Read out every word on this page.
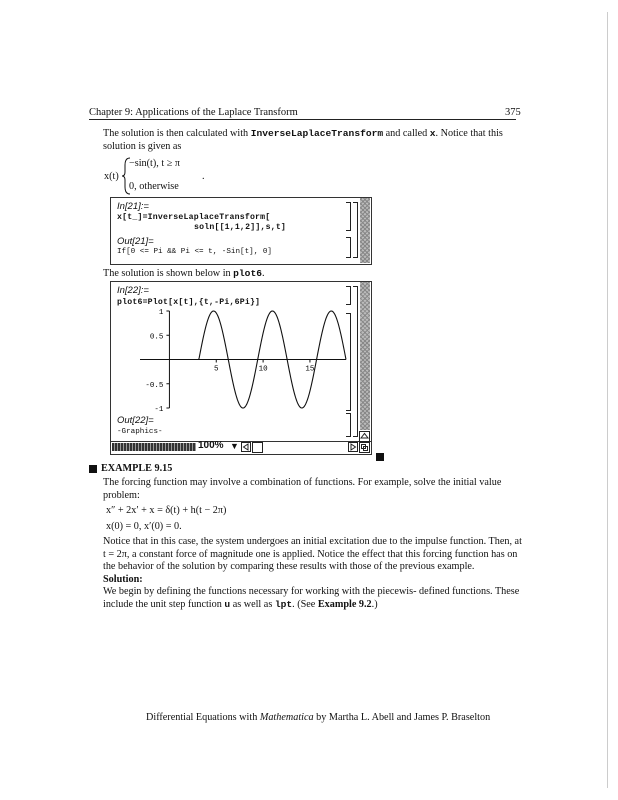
Chapter 9: Applications of the Laplace Transform	375
The solution is then calculated with InverseLaplaceTransform and called x. Notice that this
solution is given as
x(t)
−sin(t), t ≥ π
0, otherwise
.
In[21]:=
x[t_]=InverseLaplaceTransform[
soln[[1,1,2]],s,t]
Out[21]=
If[0 <= Pi && Pi <= t, -Sin[t], 0]
The solution is shown below in plot6.
In[22]:=
plot6=Plot[x[t],{t,-Pi,6Pi}]
5	10	15
1
0.5
-0.5
-1
Out[22]=
-Graphics-
100% ▼
EXAMPLE 9.15
The forcing function may involve a combination of functions. For example, solve the initial value
problem:
x″ + 2x′ + x = δ(t) + h(t − 2π)
x(0) = 0, x′(0) = 0.
Notice that in this case, the system undergoes an initial excitation due to the impulse function. Then, at
t = 2π, a constant force of magnitude one is applied. Notice the effect that this forcing function has on
the behavior of the solution by comparing these results with those of the previous example.
Solution:
We begin by defining the functions necessary for working with the piecewis- defined functions. These
include the unit step function u as well as lpt. (See Example 9.2.)
Differential Equations with Mathematica by Martha L. Abell and James P. Braselton
